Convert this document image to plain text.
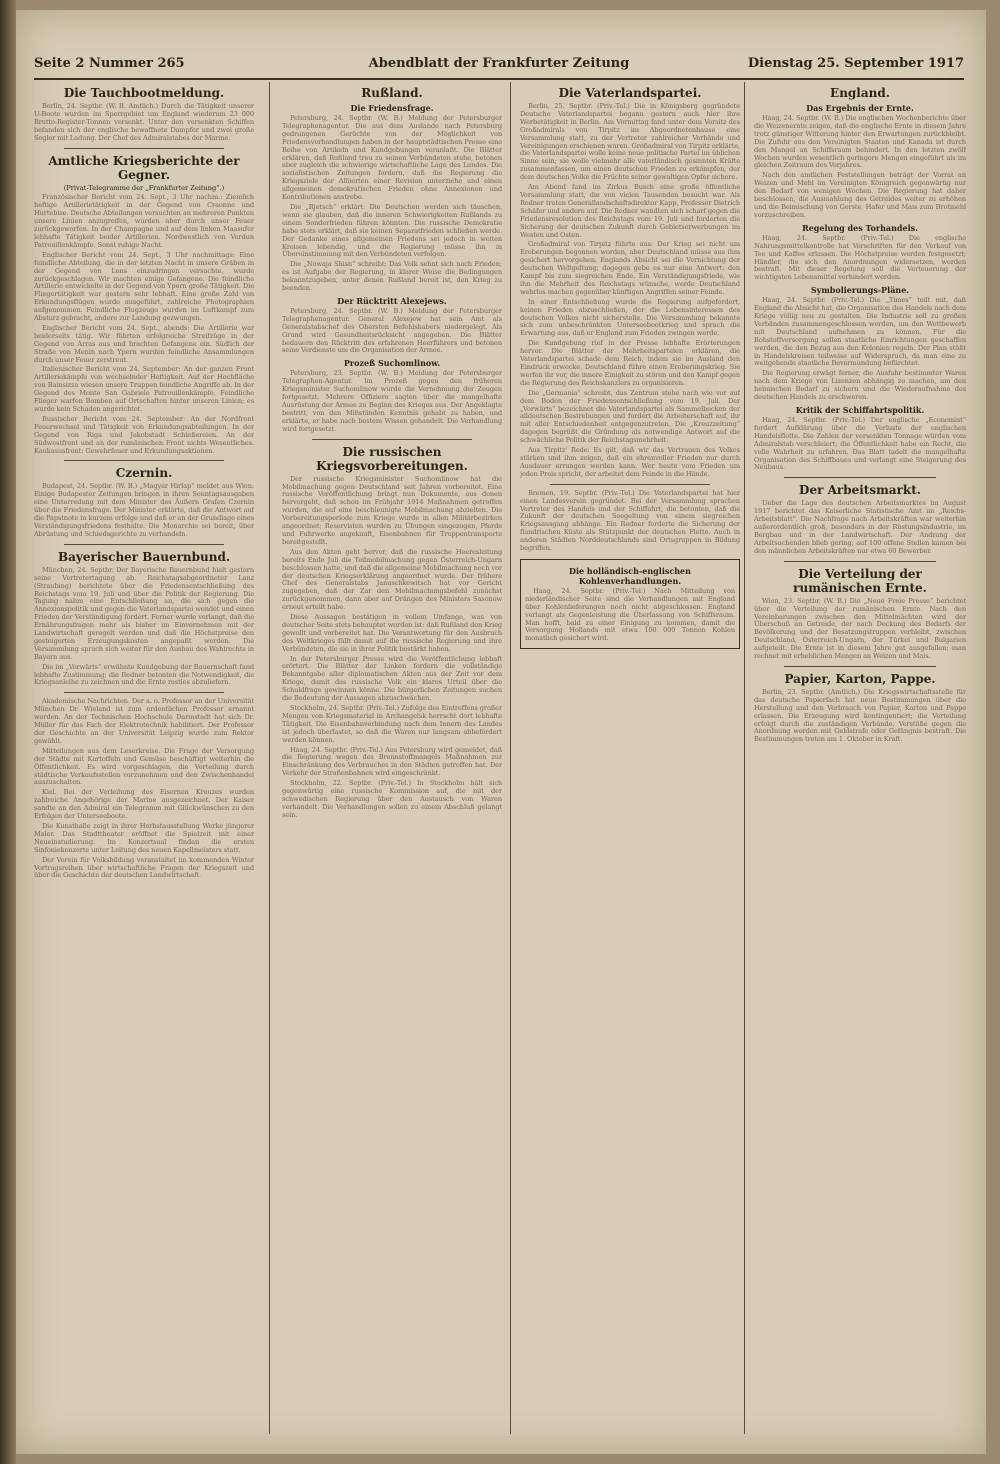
Seite 2 Nummer 265	Abendblatt der Frankfurter Zeitung	Dienstag 25. September 1917
Die Tauchbootmeldung.

Berlin, 24. Septbr. (W. B. Amtlich.) Durch die Tätigkeit unserer U-Boote wurden im Sperrgebiet um England wiederum 23 000 Brutto-Register-Tonnen versenkt. Unter den versenkten Schiffen befanden sich der englische bewaffnete Dampfer und zwei große Segler mit Ladung. Der Chef des Admiralstabes der Marine.

Amtliche Kriegsberichte der Gegner.
(Privat-Telegramme der „Frankfurter Zeitung“.)

Französischer Bericht vom 24. Sept., 3 Uhr nachm.: Ziemlich heftige Artillerietätigkeit in der Gegend von Craonne und Hurtebise. Deutsche Abteilungen versuchten an mehreren Punkten unsere Linien anzugreifen, wurden aber durch unser Feuer zurückgeworfen. In der Champagne und auf dem linken Maasufer lebhafte Tätigkeit beider Artillerien. Nordwestlich von Verdun Patrouillenkämpfe. Sonst ruhige Nacht.

Englischer Bericht vom 24. Sept., 3 Uhr nachmittags: Eine feindliche Abteilung, die in der letzten Nacht in unsere Gräben in der Gegend von Lens einzudringen versuchte, wurde zurückgeschlagen. Wir machten einige Gefangene. Die feindliche Artillerie entwickelte in der Gegend von Ypern große Tätigkeit. Die Fliegertätigkeit war gestern sehr lebhaft. Eine große Zahl von Erkundungsflügen wurde ausgeführt, zahlreiche Photographien aufgenommen. Feindliche Flugzeuge wurden im Luftkampf zum Absturz gebracht, andere zur Landung gezwungen.

Englischer Bericht vom 24. Sept., abends: Die Artillerie war beiderseits tätig. Wir führten erfolgreiche Streifzüge in der Gegend von Arras aus und brachten Gefangene ein. Südlich der Straße von Menin nach Ypern wurden feindliche Ansammlungen durch unser Feuer zerstreut.

Italienischer Bericht vom 24. September: An der ganzen Front Artilleriekämpfe von wechselnder Heftigkeit. Auf der Hochfläche von Bainsizza wiesen unsere Truppen feindliche Angriffe ab. In der Gegend des Monte San Gabriele Patrouillenkämpfe. Feindliche Flieger warfen Bomben auf Ortschaften hinter unseren Linien; es wurde kein Schaden angerichtet.

Russischer Bericht vom 24. September: An der Nordfront Feuerwechsel und Tätigkeit von Erkundungsabteilungen. In der Gegend von Riga und Jakobstadt Schießereien. An der Südwestfront und an der rumänischen Front nichts Wesentliches. Kaukasusfront: Gewehrfeuer und Erkundungsaktionen.

Czernin.

Budapest, 24. Septbr. (W. B.) „Magyar Hirlap“ meldet aus Wien: Einige Budapester Zeitungen bringen in ihren Sonntagsausgaben eine Unterredung mit dem Minister des Äußern Grafen Czernin über die Friedensfrage. Der Minister erklärte, daß die Antwort auf die Papstnote in kurzem erfolge und daß er an der Grundlage eines Verständigungsfriedens festhalte. Die Monarchie sei bereit, über Abrüstung und Schiedsgerichte zu verhandeln.

Bayerischer Bauernbund.

München, 24. Septbr. Der Bayerische Bauernbund hielt gestern seine Vertretertagung ab. Reichstagsabgeordneter Lanz (Straubing) berichtete über die Friedensentschließung des Reichstags vom 19. Juli und über die Politik der Regierung. Die Tagung nahm eine Entschließung an, die sich gegen die Annexionspolitik und gegen die Vaterlandspartei wendet und einen Frieden der Verständigung fordert. Ferner wurde verlangt, daß die Ernährungsfragen mehr als bisher im Einvernehmen mit der Landwirtschaft geregelt werden und daß die Höchstpreise den gesteigerten Erzeugungskosten angepaßt werden. Die Versammlung sprach sich weiter für den Ausbau des Wahlrechts in Bayern aus.

Die im „Vorwärts“ erwähnte Kundgebung der Bauernschaft fand lebhafte Zustimmung; die Redner betonten die Notwendigkeit, die Kriegsanleihe zu zeichnen und die Ernte restlos abzuliefern.

Akademische Nachrichten. Der a. o. Professor an der Universität München Dr. Wieland ist zum ordentlichen Professor ernannt worden. An der Technischen Hochschule Darmstadt hat sich Dr. Müller für das Fach der Elektrotechnik habilitiert. Der Professor der Geschichte an der Universität Leipzig wurde zum Rektor gewählt.

Mitteilungen aus dem Leserkreise. Die Frage der Versorgung der Städte mit Kartoffeln und Gemüse beschäftigt weiterhin die Öffentlichkeit. Es wird vorgeschlagen, die Verteilung durch städtische Verkaufsstellen vorzunehmen und den Zwischenhandel auszuschalten.

Kiel. Bei der Verleihung des Eisernen Kreuzes wurden zahlreiche Angehörige der Marine ausgezeichnet. Der Kaiser sandte an den Admiral ein Telegramm mit Glückwünschen zu den Erfolgen der Unterseeboote.

Die Kunsthalle zeigt in ihrer Herbstausstellung Werke jüngerer Maler. Das Stadttheater eröffnet die Spielzeit mit einer Neueinstudierung. Im Konzertsaal finden die ersten Sinfoniekonzerte unter Leitung des neuen Kapellmeisters statt.

Der Verein für Volksbildung veranstaltet im kommenden Winter Vortragsreihen über wirtschaftliche Fragen der Kriegszeit und über die Geschichte der deutschen Landwirtschaft.

Rußland.
Die Friedensfrage.

Petersburg, 24. Septbr. (W. B.) Meldung der Petersburger Telegraphenagentur. Die aus dem Auslande nach Petersburg gedrungenen Gerüchte von der Möglichkeit von Friedensverhandlungen haben in der hauptstädtischen Presse eine Reihe von Artikeln und Kundgebungen veranlaßt. Die Blätter erklären, daß Rußland treu zu seinen Verbündeten stehe, betonen aber zugleich die schwierige wirtschaftliche Lage des Landes. Die sozialistischen Zeitungen fordern, daß die Regierung die Kriegsziele der Alliierten einer Revision unterziehe und einen allgemeinen demokratischen Frieden ohne Annexionen und Kontributionen anstrebe.

Die „Rjetsch“ erklärt: Die Deutschen werden sich täuschen, wenn sie glauben, daß die inneren Schwierigkeiten Rußlands zu einem Sonderfrieden führen könnten. Die russische Demokratie habe stets erklärt, daß sie keinen Separatfrieden schließen werde. Der Gedanke eines allgemeinen Friedens sei jedoch in weiten Kreisen lebendig, und die Regierung müsse ihn in Übereinstimmung mit den Verbündeten verfolgen.

Die „Nowaja Shisn“ schreibt: Das Volk sehnt sich nach Frieden; es ist Aufgabe der Regierung, in klarer Weise die Bedingungen bekanntzugeben, unter denen Rußland bereit ist, den Krieg zu beenden.

Der Rücktritt Alexejews.

Petersburg, 24. Septbr. (W. B.) Meldung der Petersburger Telegraphenagentur. General Alexejew hat sein Amt als Generalstabschef des Obersten Befehlshabers niedergelegt. Als Grund wird Gesundheitsrücksicht angegeben. Die Blätter bedauern den Rücktritt des erfahrenen Heerführers und betonen seine Verdienste um die Organisation der Armee.

Prozeß Suchomlinow.

Petersburg, 23. Septbr. (W. B.) Meldung der Petersburger Telegraphen-Agentur. Im Prozeß gegen den früheren Kriegsminister Suchomlinow wurde die Vernehmung der Zeugen fortgesetzt. Mehrere Offiziere sagten über die mangelhafte Ausrüstung der Armee zu Beginn des Krieges aus. Der Angeklagte bestritt, von den Mißständen Kenntnis gehabt zu haben, und erklärte, er habe nach bestem Wissen gehandelt. Die Verhandlung wird fortgesetzt.

Die russischen Kriegsvorbereitungen.

Der russische Kriegsminister Suchomlinow hat die Mobilmachung gegen Deutschland seit Jahren vorbereitet. Eine russische Veröffentlichung bringt nun Dokumente, aus denen hervorgeht, daß schon im Frühjahr 1914 Maßnahmen getroffen wurden, die auf eine beschleunigte Mobilmachung abzielten. Die Vorbereitungsperiode zum Kriege wurde in allen Militärbezirken angeordnet; Reservisten wurden zu Übungen eingezogen, Pferde und Fuhrwerke angekauft, Eisenbahnen für Truppentransporte bereitgestellt.

Aus den Akten geht hervor, daß die russische Heeresleitung bereits Ende Juli die Teilmobilmachung gegen Österreich-Ungarn beschlossen hatte, und daß die allgemeine Mobilmachung noch vor der deutschen Kriegserklärung angeordnet wurde. Der frühere Chef des Generalstabs Januschkewitsch hat vor Gericht zugegeben, daß der Zar den Mobilmachungsbefehl zunächst zurückgenommen, dann aber auf Drängen des Ministers Sasonow erneut erteilt habe.

Diese Aussagen bestätigen in vollem Umfange, was von deutscher Seite stets behauptet worden ist: daß Rußland den Krieg gewollt und vorbereitet hat. Die Verantwortung für den Ausbruch des Weltkrieges fällt damit auf die russische Regierung und ihre Verbündeten, die sie in ihrer Politik bestärkt haben.

In der Petersburger Presse wird die Veröffentlichung lebhaft erörtert. Die Blätter der Linken fordern die vollständige Bekanntgabe aller diplomatischen Akten aus der Zeit vor dem Kriege, damit das russische Volk ein klares Urteil über die Schuldfrage gewinnen könne. Die bürgerlichen Zeitungen suchen die Bedeutung der Aussagen abzuschwächen.

Stockholm, 24. Septbr. (Priv.-Tel.) Zufolge des Eintreffens großer Mengen von Kriegsmaterial in Archangelsk herrscht dort lebhafte Tätigkeit. Die Eisenbahnverbindung nach dem Innern des Landes ist jedoch überlastet, so daß die Waren nur langsam abbefördert werden können.

Haag, 24. Septbr. (Priv.-Tel.) Aus Petersburg wird gemeldet, daß die Regierung wegen des Brennstoffmangels Maßnahmen zur Einschränkung des Verbrauches in den Städten getroffen hat. Der Verkehr der Straßenbahnen wird eingeschränkt.

Stockholm, 22. Septbr. (Priv.-Tel.) In Stockholm hält sich gegenwärtig eine russische Kommission auf, die mit der schwedischen Regierung über den Austausch von Waren verhandelt. Die Verhandlungen sollen zu einem Abschluß gelangt sein.

Die Vaterlandspartei.

Berlin, 25. Septbr. (Priv.-Tel.) Die in Königsberg gegründete Deutsche Vaterlandspartei begann gestern auch hier ihre Werbetätigkeit in Berlin. Am Vormittag fand unter dem Vorsitz des Großadmirals von Tirpitz im Abgeordnetenhause eine Versammlung statt, zu der Vertreter zahlreicher Verbände und Vereinigungen erschienen waren. Großadmiral von Tirpitz erklärte, die Vaterlandspartei wolle keine neue politische Partei im üblichen Sinne sein; sie wolle vielmehr alle vaterländisch gesinnten Kräfte zusammenfassen, um einen deutschen Frieden zu erkämpfen, der dem deutschen Volke die Früchte seiner gewaltigen Opfer sichere.

Am Abend fand im Zirkus Busch eine große öffentliche Versammlung statt, die von vielen Tausenden besucht war. Als Redner traten Generallandschaftsdirektor Kapp, Professor Dietrich Schäfer und andere auf. Die Redner wandten sich scharf gegen die Friedensresolution des Reichstags vom 19. Juli und forderten die Sicherung der deutschen Zukunft durch Gebietserwerbungen im Westen und Osten.

Großadmiral von Tirpitz führte aus: Der Krieg sei nicht um Eroberungen begonnen worden, aber Deutschland müsse aus ihm gesichert hervorgehen. Englands Absicht sei die Vernichtung der deutschen Weltgeltung; dagegen gebe es nur eine Antwort: den Kampf bis zum siegreichen Ende. Ein Verständigungsfriede, wie ihn die Mehrheit des Reichstags wünsche, werde Deutschland wehrlos machen gegenüber künftigen Angriffen seiner Feinde.

In einer Entschließung wurde die Regierung aufgefordert, keinen Frieden abzuschließen, der die Lebensinteressen des deutschen Volkes nicht sicherstelle. Die Versammlung bekannte sich zum unbeschränkten Unterseebootkrieg und sprach die Erwartung aus, daß er England zum Frieden zwingen werde.

Die Kundgebung rief in der Presse lebhafte Erörterungen hervor. Die Blätter der Mehrheitsparteien erklären, die Vaterlandspartei schade dem Reich, indem sie im Ausland den Eindruck erwecke, Deutschland führe einen Eroberungskrieg. Sie werfen ihr vor, die innere Einigkeit zu stören und den Kampf gegen die Regierung des Reichskanzlers zu organisieren.

Die „Germania“ schreibt, das Zentrum stehe nach wie vor auf dem Boden der Friedensentschließung vom 19. Juli. Der „Vorwärts“ bezeichnet die Vaterlandspartei als Sammelbecken der alldeutschen Bestrebungen und fordert die Arbeiterschaft auf, ihr mit aller Entschiedenheit entgegenzutreten. Die „Kreuzzeitung“ dagegen begrüßt die Gründung als notwendige Antwort auf die schwächliche Politik der Reichstagsmehrheit.

Aus Tirpitz' Rede: Es gilt, daß wir das Vertrauen des Volkes stärken und ihm zeigen, daß ein ehrenvoller Frieden nur durch Ausdauer errungen werden kann. Wer heute vom Frieden um jeden Preis spricht, der arbeitet dem Feinde in die Hände.

Bremen, 19. Septbr. (Priv.-Tel.) Die Vaterlandspartei hat hier einen Landesverein gegründet. Bei der Versammlung sprachen Vertreter des Handels und der Schiffahrt, die betonten, daß die Zukunft der deutschen Seegeltung von einem siegreichen Kriegsausgang abhänge. Ein Redner forderte die Sicherung der flandrischen Küste als Stützpunkt der deutschen Flotte. Auch in anderen Städten Norddeutschlands sind Ortsgruppen in Bildung begriffen.

Die holländisch-englischen Kohlenverhandlungen.

Haag, 24. Septbr. (Priv.-Tel.) Nach Mitteilung von niederländischer Seite sind die Verhandlungen mit England über Kohlenlieferungen noch nicht abgeschlossen. England verlangt als Gegenleistung die Überlassung von Schiffsraum. Man hofft, bald zu einer Einigung zu kommen, damit die Versorgung Hollands mit etwa 100 000 Tonnen Kohlen monatlich gesichert wird.

England.
Das Ergebnis der Ernte.

Haag, 24. Septbr. (W. B.) Die englischen Wochenberichte über die Weizenernte zeigen, daß die englische Ernte in diesem Jahre trotz günstiger Witterung hinter den Erwartungen zurückbleibt. Die Zufuhr aus den Vereinigten Staaten und Kanada ist durch den Mangel an Schiffsraum behindert. In den letzten zwölf Wochen wurden wesentlich geringere Mengen eingeführt als im gleichen Zeitraum des Vorjahres.

Nach den amtlichen Feststellungen beträgt der Vorrat an Weizen und Mehl im Vereinigten Königreich gegenwärtig nur den Bedarf von wenigen Wochen. Die Regierung hat daher beschlossen, die Ausmahlung des Getreides weiter zu erhöhen und die Beimischung von Gerste, Hafer und Mais zum Brotmehl vorzuschreiben.

Regelung des Torhandels.

Haag, 24. Septbr. (Priv.-Tel.) Die englische Nahrungsmittelkontrolle hat Vorschriften für den Verkauf von Tee und Kaffee erlassen. Die Höchstpreise werden festgesetzt; Händler, die sich den Anordnungen widersetzen, werden bestraft. Mit dieser Regelung soll die Verteuerung der wichtigsten Lebensmittel verhindert werden.

Symbolierungs-Pläne.

Haag, 24. Septbr. (Priv.-Tel.) Die „Times“ teilt mit, daß England die Absicht hat, die Organisation des Handels nach dem Kriege völlig neu zu gestalten. Die Industrie soll zu großen Verbänden zusammengeschlossen werden, um den Wettbewerb mit Deutschland aufnehmen zu können. Für die Rohstoffversorgung sollen staatliche Einrichtungen geschaffen werden, die den Bezug aus den Kolonien regeln. Der Plan stößt in Handelskreisen teilweise auf Widerspruch, da man eine zu weitgehende staatliche Bevormundung befürchtet.

Die Regierung erwägt ferner, die Ausfuhr bestimmter Waren nach dem Kriege von Lizenzen abhängig zu machen, um den heimischen Bedarf zu sichern und die Wiederaufnahme des deutschen Handels zu erschweren.

Kritik der Schiffahrtspolitik.

Haag, 24. Septbr. (Priv.-Tel.) Der englische „Economist“ fordert Aufklärung über die Verluste der englischen Handelsflotte. Die Zahlen der versenkten Tonnage würden vom Admiralstab verschleiert; die Öffentlichkeit habe ein Recht, die volle Wahrheit zu erfahren. Das Blatt tadelt die mangelhafte Organisation des Schiffbaues und verlangt eine Steigerung des Neubaus.

Der Arbeitsmarkt.

Ueber die Lage des deutschen Arbeitsmarktes im August 1917 berichtet das Kaiserliche Statistische Amt im „Reichs-Arbeitsblatt“. Die Nachfrage nach Arbeitskräften war weiterhin außerordentlich groß, besonders in der Rüstungsindustrie, im Bergbau und in der Landwirtschaft. Der Andrang der Arbeitsuchenden blieb gering; auf 100 offene Stellen kamen bei den männlichen Arbeitskräften nur etwa 60 Bewerber.

Die Verteilung der rumänischen Ernte.

Wien, 23. Septbr. (W. B.) Die „Neue Freie Presse“ berichtet über die Verteilung der rumänischen Ernte. Nach den Vereinbarungen zwischen den Mittelmächten wird der Überschuß an Getreide, der nach Deckung des Bedarfs der Bevölkerung und der Besatzungstruppen verbleibt, zwischen Deutschland, Österreich-Ungarn, der Türkei und Bulgarien aufgeteilt. Die Ernte ist in diesem Jahre gut ausgefallen; man rechnet mit erheblichen Mengen an Weizen und Mais.

Papier, Karton, Pappe.

Berlin, 23. Septbr. (Amtlich.) Die Kriegswirtschaftsstelle für das deutsche Papierfach hat neue Bestimmungen über die Herstellung und den Verbrauch von Papier, Karton und Pappe erlassen. Die Erzeugung wird kontingentiert; die Verteilung erfolgt durch die zuständigen Verbände. Verstöße gegen die Anordnung werden mit Geldstrafe oder Gefängnis bestraft. Die Bestimmungen treten am 1. Oktober in Kraft.
